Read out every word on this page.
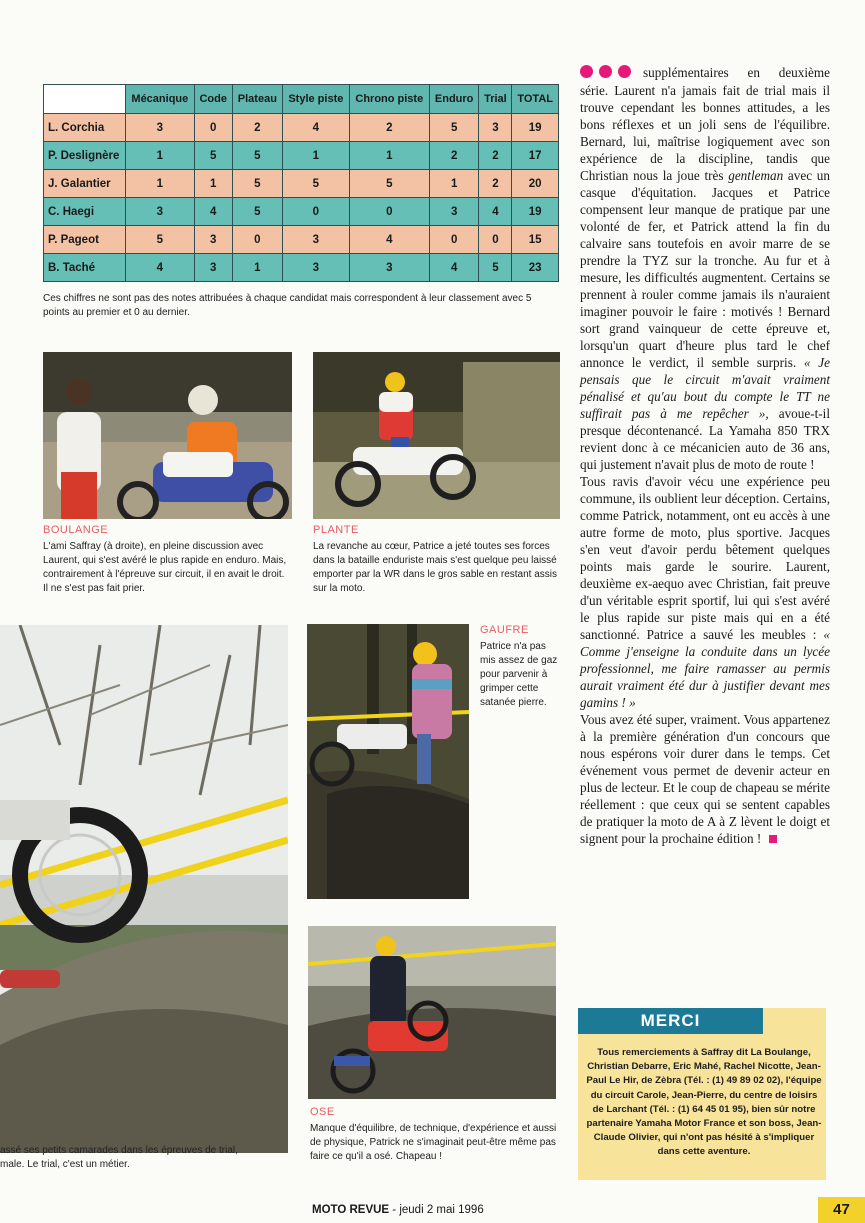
	Mécanique	Code	Plateau	Style piste	Chrono piste	Enduro	Trial	TOTAL
L. Corchia	3	0	2	4	2	5	3	19
P. Deslignère	1	5	5	1	1	2	2	17
J. Galantier	1	1	5	5	5	1	2	20
C. Haegi	3	4	5	0	0	3	4	19
P. Pageot	5	3	0	3	4	0	0	15
B. Taché	4	3	1	3	3	4	5	23
Ces chiffres ne sont pas des notes attribuées à chaque candidat mais correspondent à leur classement avec 5 points au premier et 0 au dernier.
BOULANGE
L'ami Saffray (à droite), en pleine discussion avec Laurent, qui s'est avéré le plus rapide en enduro. Mais, contrairement à l'épreuve sur circuit, il en avait le droit. Il ne s'est pas fait prier.
PLANTE
La revanche au cœur, Patrice a jeté toutes ses forces dans la bataille enduriste mais s'est quelque peu laissé emporter par la WR dans le gros sable en restant assis sur la moto.
assé ses petits camarades dans les épreuves de trial,
male. Le trial, c'est un métier.
GAUFRE
Patrice n'a pas mis assez de gaz pour parvenir à grimper cette satanée pierre.
OSE
Manque d'équilibre, de technique, d'expérience et aussi de physique, Patrick ne s'imaginait peut-être même pas faire ce qu'il a osé. Chapeau !

supplémentaires en deuxième série. Laurent n'a jamais fait de trial mais il trouve cependant les bonnes attitudes, a les bons réflexes et un joli sens de l'équilibre. Bernard, lui, maîtrise logiquement avec son expérience de la discipline, tandis que Christian nous la joue très gentleman avec un casque d'équitation. Jacques et Patrice compensent leur manque de pratique par une volonté de fer, et Patrick attend la fin du calvaire sans toutefois en avoir marre de se prendre la TYZ sur la tronche. Au fur et à mesure, les difficultés augmentent. Certains se prennent à rouler comme jamais ils n'auraient imaginer pouvoir le faire : motivés ! Bernard sort grand vainqueur de cette épreuve et, lorsqu'un quart d'heure plus tard le chef annonce le verdict, il semble surpris. « Je pensais que le circuit m'avait vraiment pénalisé et qu'au bout du compte le TT ne suffirait pas à me repêcher », avoue-t-il presque décontenancé. La Yamaha 850 TRX revient donc à ce mécanicien auto de 36 ans, qui justement n'avait plus de moto de route !

Tous ravis d'avoir vécu une expérience peu commune, ils oublient leur déception. Certains, comme Patrick, notamment, ont eu accès à une autre forme de moto, plus sportive. Jacques s'en veut d'avoir perdu bêtement quelques points mais garde le sourire. Laurent, deuxième ex-aequo avec Christian, fait preuve d'un véritable esprit sportif, lui qui s'est avéré le plus rapide sur piste mais qui en a été sanctionné. Patrice a sauvé les meubles : « Comme j'enseigne la conduite dans un lycée professionnel, me faire ramasser au permis aurait vraiment été dur à justifier devant mes gamins ! »

Vous avez été super, vraiment. Vous appartenez à la première génération d'un concours que nous espérons voir durer dans le temps. Cet événement vous permet de devenir acteur en plus de lecteur. Et le coup de chapeau se mérite réellement : que ceux qui se sentent capables de pratiquer la moto de A à Z lèvent le doigt et signent pour la prochaine édition !

MERCI
Tous remerciements à Saffray dit La Boulange, Christian Debarre, Eric Mahé, Rachel Nicotte, Jean-Paul Le Hir, de Zèbra (Tél. : (1) 49 89 02 02), l'équipe du circuit Carole, Jean-Pierre, du centre de loisirs de Larchant (Tél. : (1) 64 45 01 95), bien sûr notre partenaire Yamaha Motor France et son boss, Jean-Claude Olivier, qui n'ont pas hésité à s'impliquer dans cette aventure.
MOTO REVUE - jeudi 2 mai 1996	47
